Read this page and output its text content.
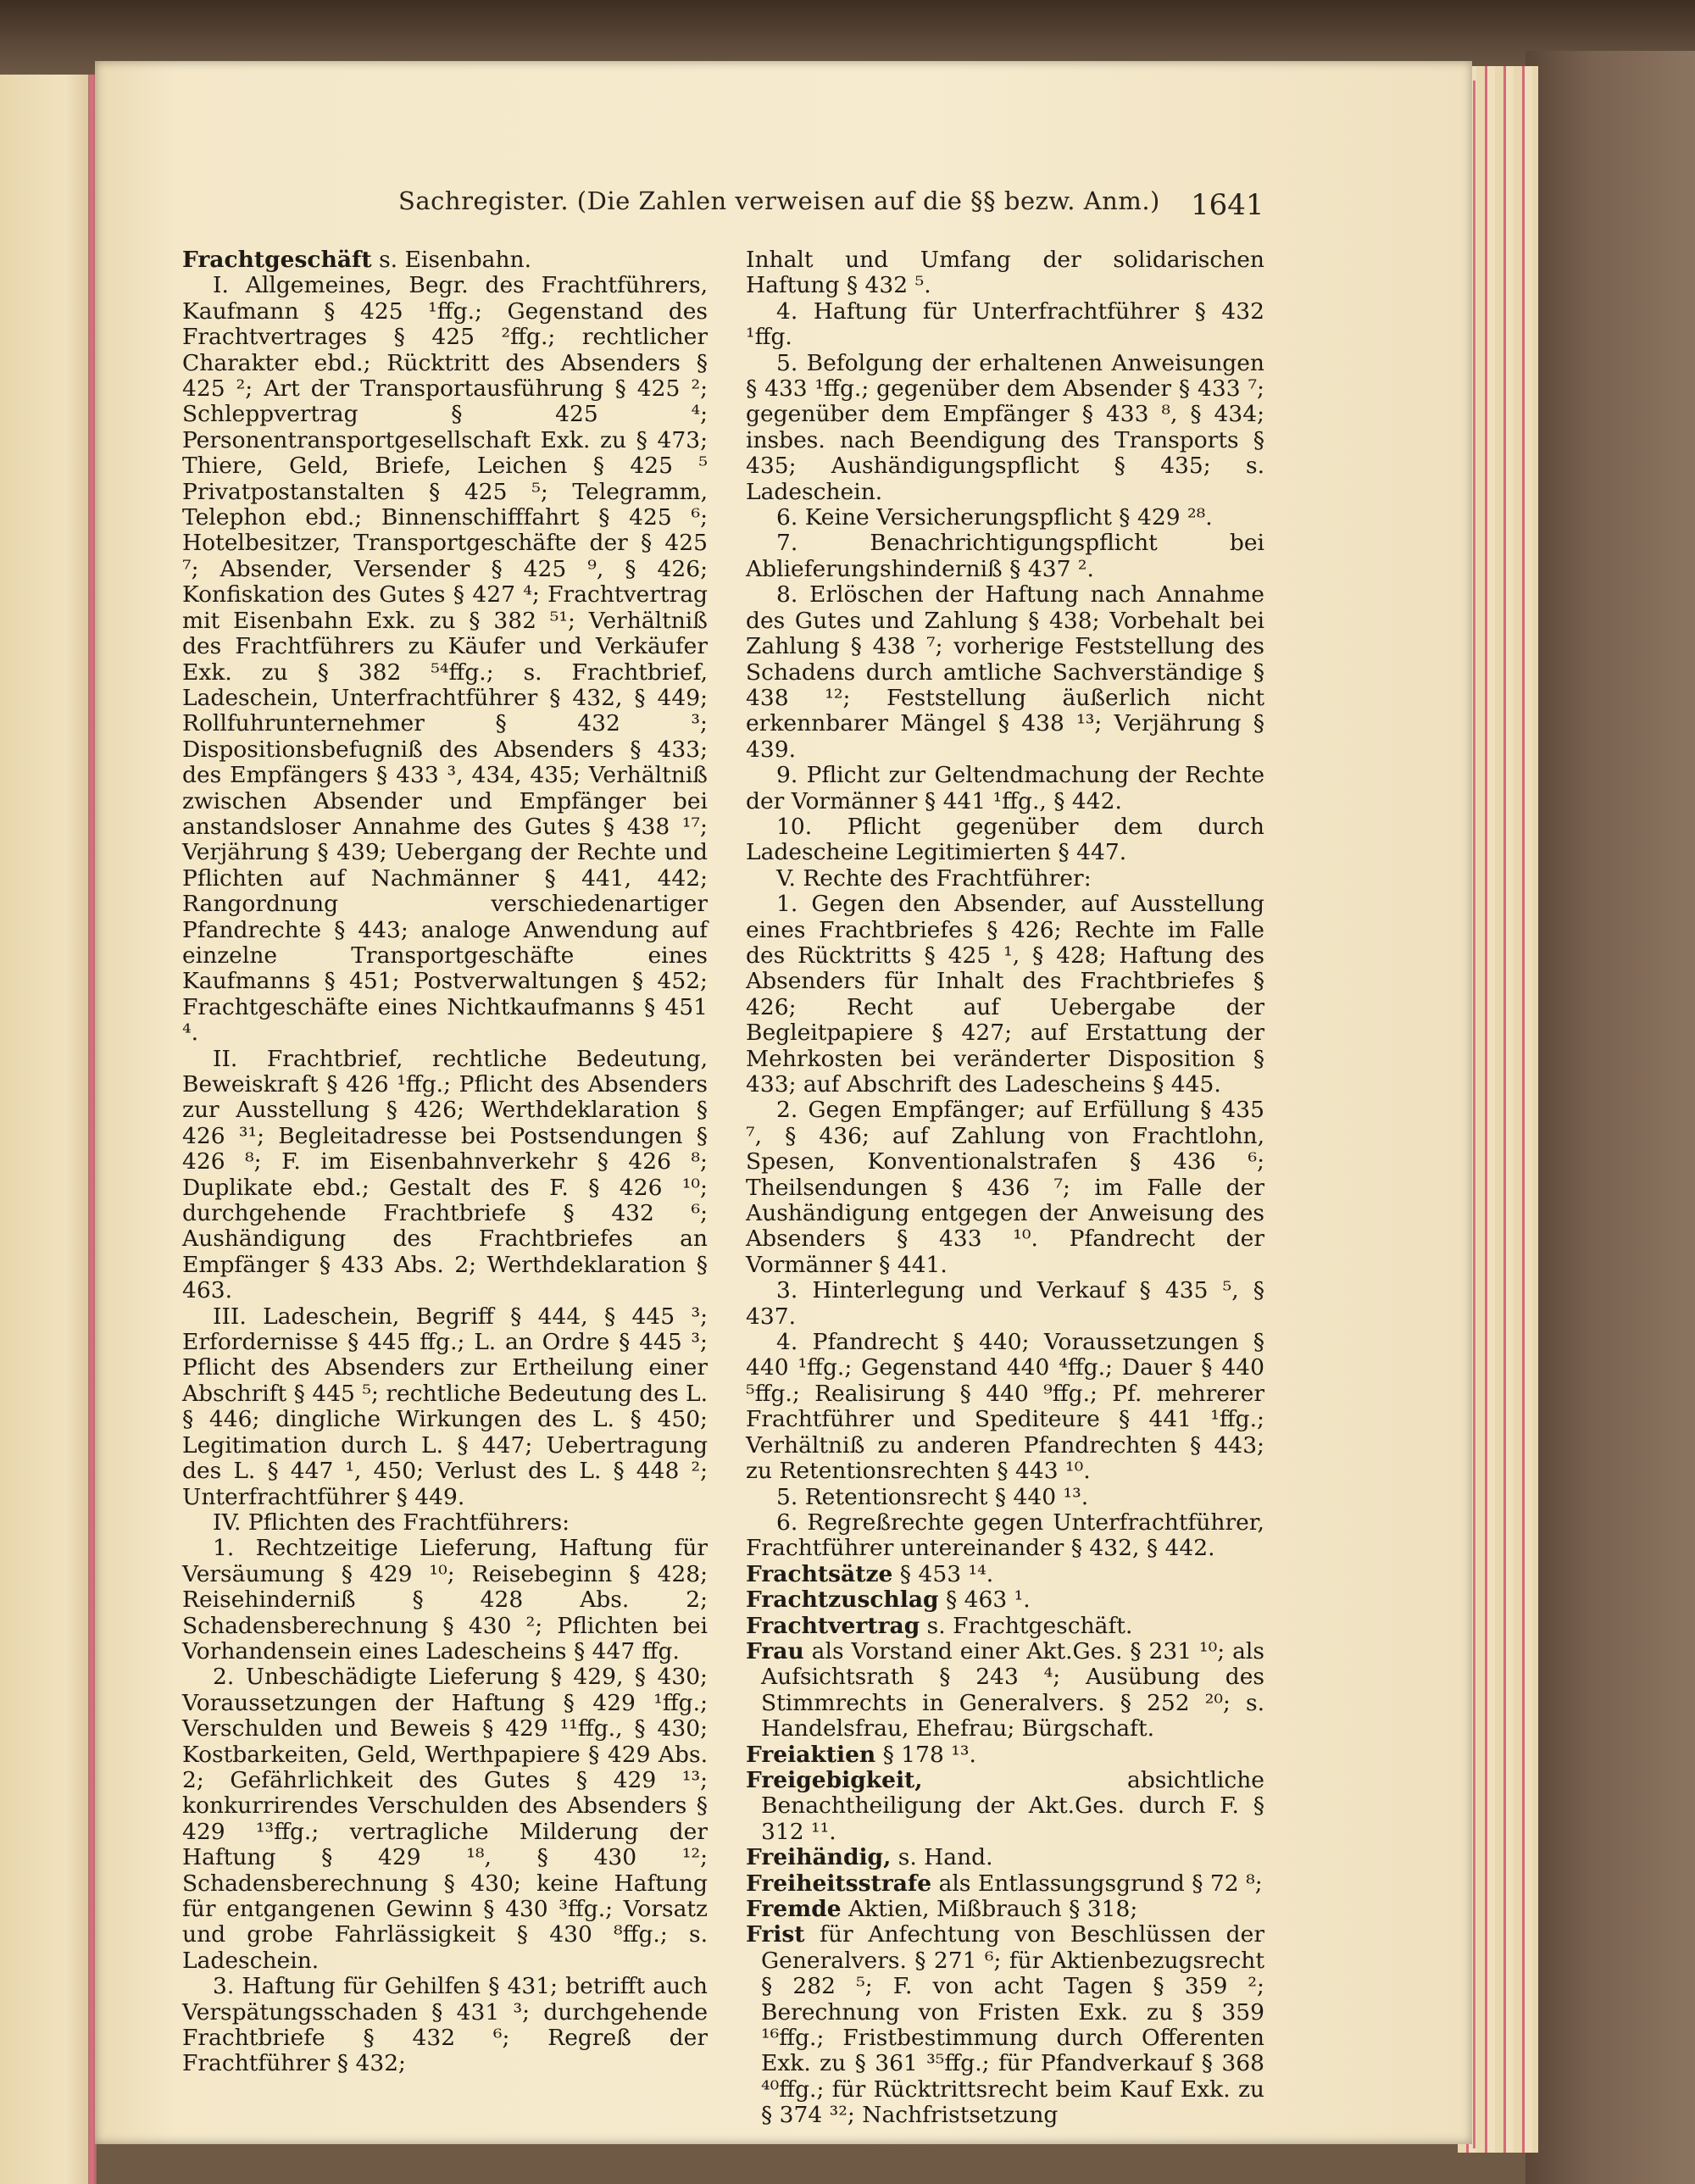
Sachregister. (Die Zahlen verweisen auf die §§ bezw. Anm.) 1641

Frachtgeschäft s. Eisenbahn.

I. Allgemeines, Begr. des Frachtführers, Kaufmann § 425 ¹ffg.; Gegenstand des Frachtvertrages § 425 ²ffg.; rechtlicher Charakter ebd.; Rücktritt des Absenders § 425 ²; Art der Transportausführung § 425 ²; Schleppvertrag § 425 ⁴; Personentransportgesellschaft Exk. zu § 473; Thiere, Geld, Briefe, Leichen § 425 ⁵ Privatpostanstalten § 425 ⁵; Telegramm, Telephon ebd.; Binnenschifffahrt § 425 ⁶; Hotelbesitzer, Transportgeschäfte der § 425 ⁷; Absender, Versender § 425 ⁹, § 426; Konfiskation des Gutes § 427 ⁴; Frachtvertrag mit Eisenbahn Exk. zu § 382 ⁵¹; Verhältniß des Frachtführers zu Käufer und Verkäufer Exk. zu § 382 ⁵⁴ffg.; s. Frachtbrief, Ladeschein, Unterfrachtführer § 432, § 449; Rollfuhrunternehmer § 432 ³; Dispositionsbefugniß des Absenders § 433; des Empfängers § 433 ³, 434, 435; Verhältniß zwischen Absender und Empfänger bei anstandsloser Annahme des Gutes § 438 ¹⁷; Verjährung § 439; Uebergang der Rechte und Pflichten auf Nachmänner § 441, 442; Rangordnung verschiedenartiger Pfandrechte § 443; analoge Anwendung auf einzelne Transportgeschäfte eines Kaufmanns § 451; Postverwaltungen § 452; Frachtgeschäfte eines Nichtkaufmanns § 451 ⁴.

II. Frachtbrief, rechtliche Bedeutung, Beweiskraft § 426 ¹ffg.; Pflicht des Absenders zur Ausstellung § 426; Werthdeklaration § 426 ³¹; Begleitadresse bei Postsendungen § 426 ⁸; F. im Eisenbahnverkehr § 426 ⁸; Duplikate ebd.; Gestalt des F. § 426 ¹⁰; durchgehende Frachtbriefe § 432 ⁶; Aushändigung des Frachtbriefes an Empfänger § 433 Abs. 2; Werthdeklaration § 463.

III. Ladeschein, Begriff § 444, § 445 ³; Erfordernisse § 445 ffg.; L. an Ordre § 445 ³; Pflicht des Absenders zur Ertheilung einer Abschrift § 445 ⁵; rechtliche Bedeutung des L. § 446; dingliche Wirkungen des L. § 450; Legitimation durch L. § 447; Uebertragung des L. § 447 ¹, 450; Verlust des L. § 448 ²; Unterfrachtführer § 449.

IV. Pflichten des Frachtführers:

1. Rechtzeitige Lieferung, Haftung für Versäumung § 429 ¹⁰; Reisebeginn § 428; Reisehinderniß § 428 Abs. 2; Schadensberechnung § 430 ²; Pflichten bei Vorhandensein eines Ladescheins § 447 ffg.

2. Unbeschädigte Lieferung § 429, § 430; Voraussetzungen der Haftung § 429 ¹ffg.; Verschulden und Beweis § 429 ¹¹ffg., § 430; Kostbarkeiten, Geld, Werthpapiere § 429 Abs. 2; Gefährlichkeit des Gutes § 429 ¹³; konkurrirendes Verschulden des Absenders § 429 ¹³ffg.; vertragliche Milderung der Haftung § 429 ¹⁸, § 430 ¹²; Schadensberechnung § 430; keine Haftung für entgangenen Gewinn § 430 ³ffg.; Vorsatz und grobe Fahrlässigkeit § 430 ⁸ffg.; s. Ladeschein.

3. Haftung für Gehilfen § 431; betrifft auch Verspätungsschaden § 431 ³; durchgehende Frachtbriefe § 432 ⁶; Regreß der Frachtführer § 432;

Inhalt und Umfang der solidarischen Haftung § 432 ⁵.

4. Haftung für Unterfrachtführer § 432 ¹ffg.

5. Befolgung der erhaltenen Anweisungen § 433 ¹ffg.; gegenüber dem Absender § 433 ⁷; gegenüber dem Empfänger § 433 ⁸, § 434; insbes. nach Beendigung des Transports § 435; Aushändigungspflicht § 435; s. Ladeschein.

6. Keine Versicherungspflicht § 429 ²⁸.

7. Benachrichtigungspflicht bei Ablieferungshinderniß § 437 ².

8. Erlöschen der Haftung nach Annahme des Gutes und Zahlung § 438; Vorbehalt bei Zahlung § 438 ⁷; vorherige Feststellung des Schadens durch amtliche Sachverständige § 438 ¹²; Feststellung äußerlich nicht erkennbarer Mängel § 438 ¹³; Verjährung § 439.

9. Pflicht zur Geltendmachung der Rechte der Vormänner § 441 ¹ffg., § 442.

10. Pflicht gegenüber dem durch Ladescheine Legitimierten § 447.

V. Rechte des Frachtführer:

1. Gegen den Absender, auf Ausstellung eines Frachtbriefes § 426; Rechte im Falle des Rücktritts § 425 ¹, § 428; Haftung des Absenders für Inhalt des Frachtbriefes § 426; Recht auf Uebergabe der Begleitpapiere § 427; auf Erstattung der Mehrkosten bei veränderter Disposition § 433; auf Abschrift des Ladescheins § 445.

2. Gegen Empfänger; auf Erfüllung § 435 ⁷, § 436; auf Zahlung von Frachtlohn, Spesen, Konventionalstrafen § 436 ⁶; Theilsendungen § 436 ⁷; im Falle der Aushändigung entgegen der Anweisung des Absenders § 433 ¹⁰. Pfandrecht der Vormänner § 441.

3. Hinterlegung und Verkauf § 435 ⁵, § 437.

4. Pfandrecht § 440; Voraussetzungen § 440 ¹ffg.; Gegenstand 440 ⁴ffg.; Dauer § 440 ⁵ffg.; Realisirung § 440 ⁹ffg.; Pf. mehrerer Frachtführer und Spediteure § 441 ¹ffg.; Verhältniß zu anderen Pfandrechten § 443; zu Retentionsrechten § 443 ¹⁰.

5. Retentionsrecht § 440 ¹³.

6. Regreßrechte gegen Unterfrachtführer, Frachtführer untereinander § 432, § 442.

Frachtsätze § 453 ¹⁴.

Frachtzuschlag § 463 ¹.

Frachtvertrag s. Frachtgeschäft.

Frau als Vorstand einer Akt.Ges. § 231 ¹⁰; als Aufsichtsrath § 243 ⁴; Ausübung des Stimmrechts in Generalvers. § 252 ²⁰; s. Handelsfrau, Ehefrau; Bürgschaft.

Freiaktien § 178 ¹³.

Freigebigkeit, absichtliche Benachtheiligung der Akt.Ges. durch F. § 312 ¹¹.

Freihändig, s. Hand.

Freiheitsstrafe als Entlassungsgrund § 72 ⁸;

Fremde Aktien, Mißbrauch § 318;

Frist für Anfechtung von Beschlüssen der Generalvers. § 271 ⁶; für Aktienbezugsrecht § 282 ⁵; F. von acht Tagen § 359 ²; Berechnung von Fristen Exk. zu § 359 ¹⁶ffg.; Fristbestimmung durch Offerenten Exk. zu § 361 ³⁵ffg.; für Pfandverkauf § 368 ⁴⁰ffg.; für Rücktrittsrecht beim Kauf Exk. zu § 374 ³²; Nachfristsetzung
